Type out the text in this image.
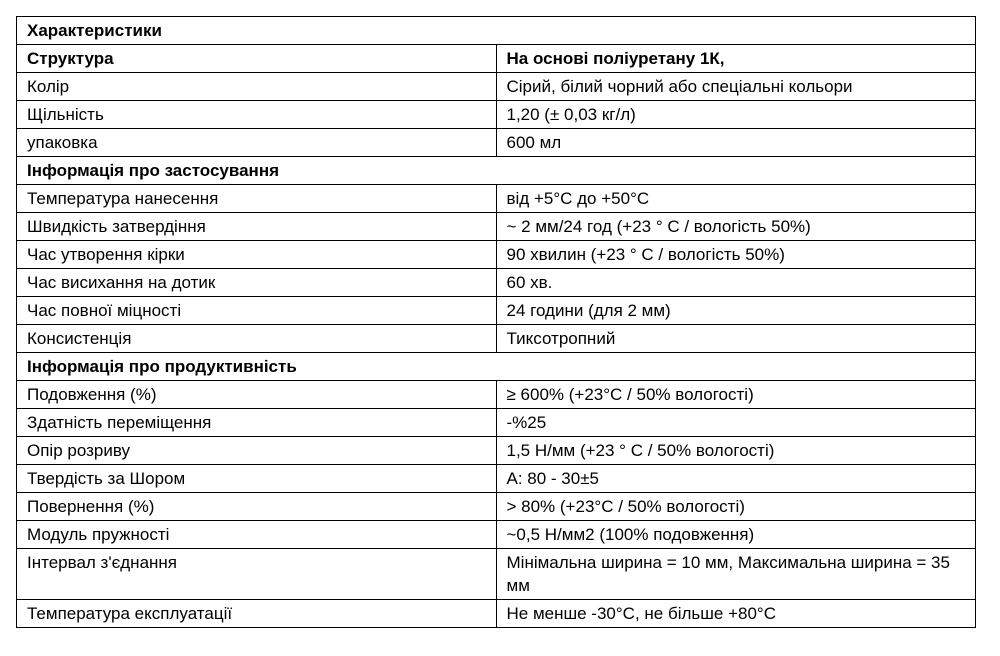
Характеристики	
Структура	На основі поліуретану 1К,
Колір	Сірий, білий чорний або спеціальні кольори
Щільність	1,20 (± 0,03 кг/л)
упаковка	600 мл
Інформація про застосування	
Температура нанесення	від +5°C до +50°C
Швидкість затвердіння	~ 2 мм/24 год (+23 ° C / вологість 50%)
Час утворення кірки	90 хвилин (+23 ° C / вологість 50%)
Час висихання на дотик	60 хв.
Час повної міцності	24 години (для 2 мм)
Консистенція	Тиксотропний
Інформація про продуктивність	
Подовження (%)	≥ 600% (+23°C / 50% вологості)
Здатність переміщення	-%25
Опір розриву	1,5 Н/мм (+23 ° C / 50% вологості)
Твердість за Шором	А: 80 - 30±5
Повернення (%)	> 80% (+23°C / 50% вологості)
Модуль пружності	~0,5 Н/мм2 (100% подовження)
Інтервал з'єднання	Мінімальна ширина = 10 мм, Максимальна ширина = 35 мм
Температура експлуатації	Не менше -30°C, не більше +80°C
